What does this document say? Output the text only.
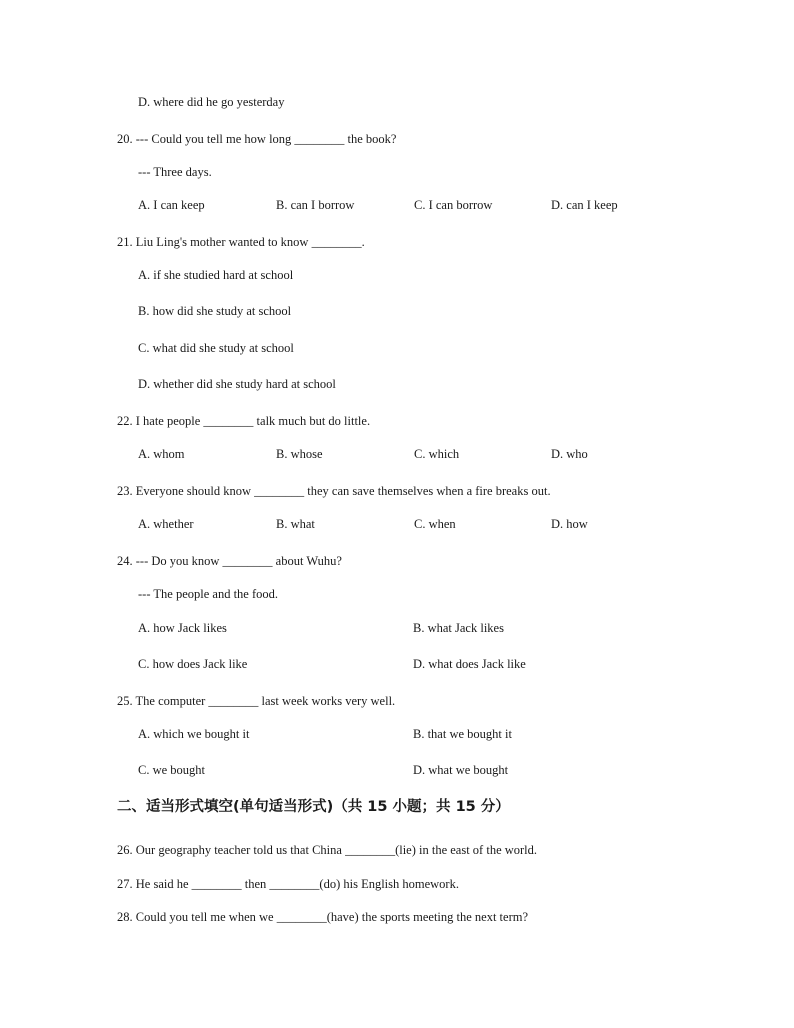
D. where did he go yesterday
20. --- Could you tell me how long ________ the book?
--- Three days.
A. I can keep	B. can I borrow	C. I can borrow	D. can I keep
21. Liu Ling's mother wanted to know ________.
A. if she studied hard at school
B. how did she study at school
C. what did she study at school
D. whether did she study hard at school
22. I hate people ________ talk much but do little.
A. whom	B. whose	C. which	D. who
23. Everyone should know ________ they can save themselves when a fire breaks out.
A. whether	B. what	C. when	D. how
24. --- Do you know ________ about Wuhu?
--- The people and the food.
A. how Jack likes	B. what Jack likes
C. how does Jack like	D. what does Jack like
25. The computer ________ last week works very well.
A. which we bought it	B. that we bought it
C. we bought	D. what we bought
二、适当形式填空(单句适当形式)（共 15 小题；共 15 分）
26. Our geography teacher told us that China ________(lie) in the east of the world.
27. He said he ________ then ________(do) his English homework.
28. Could you tell me when we ________(have) the sports meeting the next term?
